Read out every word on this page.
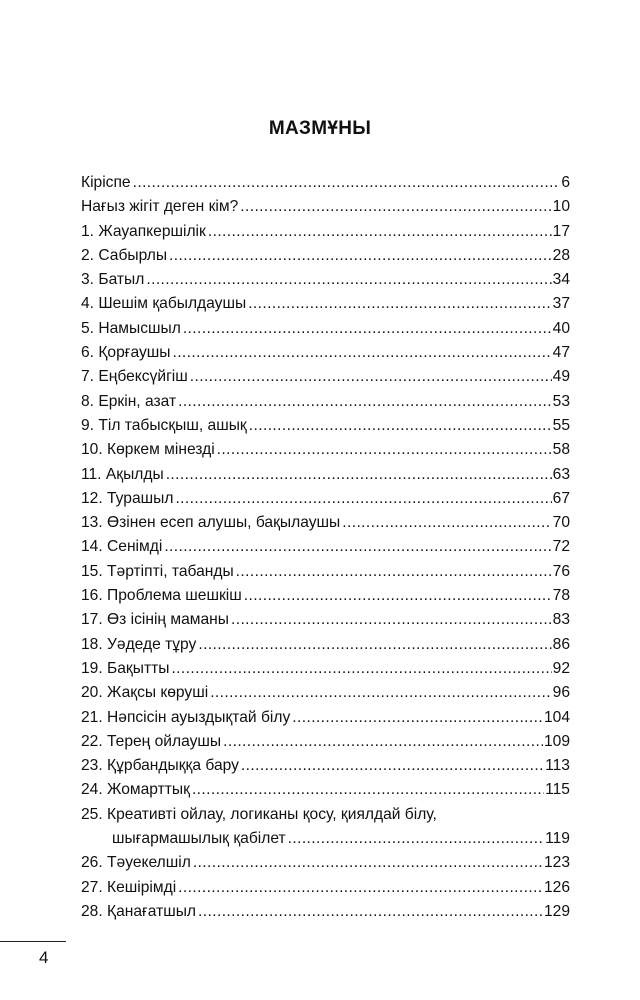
МАЗМҰНЫ
Кіріспе .....	6
Нағыз жігіт деген кім? .....	10
1. Жауапкершілік .....	17
2. Сабырлы .....	28
3. Батыл .....	34
4. Шешім қабылдаушы .....	37
5. Намысшыл .....	40
6. Қорғаушы .....	47
7. Еңбексүйгіш .....	49
8. Еркін, азат .....	53
9. Тіл табысқыш, ашық .....	55
10. Көркем мінезді .....	58
11. Ақылды .....	63
12. Турашыл .....	67
13. Өзінен есеп алушы, бақылаушы .....	70
14. Сенімді .....	72
15. Тәртіпті, табанды .....	76
16. Проблема шешкіш .....	78
17. Өз ісінің маманы .....	83
18. Уәдеде тұру .....	86
19. Бақытты .....	92
20. Жақсы көруші .....	96
21. Нәпсісін ауыздықтай білу .....	104
22. Терең ойлаушы .....	109
23. Құрбандыққа бару .....	113
24. Жомарттық .....	115
25. Креативті ойлау, логиканы қосу, қиялдай білу,
шығармашылық қабілет .....	119
26. Тәуекелшіл .....	123
27. Кешірімді .....	126
28. Қанағатшыл .....	129
4
